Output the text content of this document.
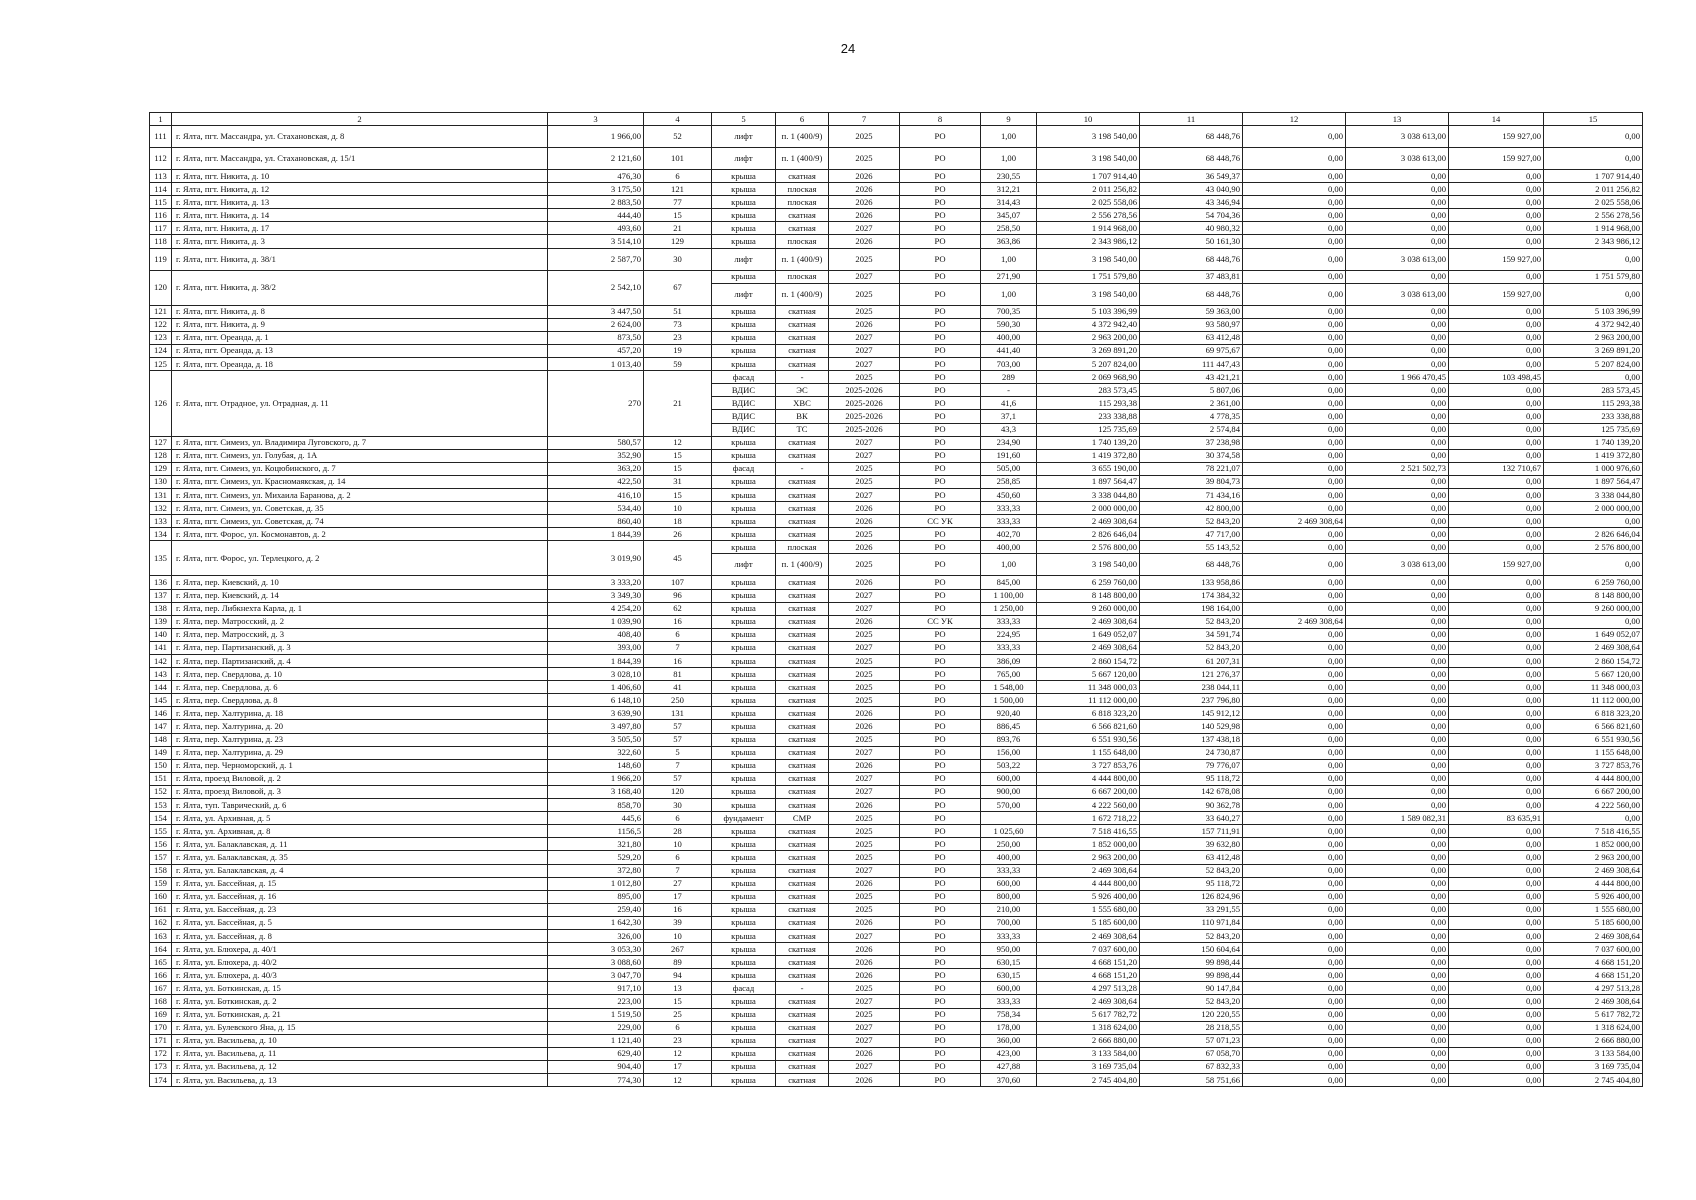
24
1	2	3	4	5	6	7	8	9	10	11	12	13	14	15
111	г. Ялта, пгт. Массандра, ул. Стахановская, д. 8	1 966,00	52	лифт	п. 1 (400/9)	2025	РО	1,00	3 198 540,00	68 448,76	0,00	3 038 613,00	159 927,00	0,00
112	г. Ялта, пгт. Массандра, ул. Стахановская, д. 15/1	2 121,60	101	лифт	п. 1 (400/9)	2025	РО	1,00	3 198 540,00	68 448,76	0,00	3 038 613,00	159 927,00	0,00
113	г. Ялта, пгт. Никита, д. 10	476,30	6	крыша	скатная	2026	РО	230,55	1 707 914,40	36 549,37	0,00	0,00	0,00	1 707 914,40
114	г. Ялта, пгт. Никита, д. 12	3 175,50	121	крыша	плоская	2026	РО	312,21	2 011 256,82	43 040,90	0,00	0,00	0,00	2 011 256,82
115	г. Ялта, пгт. Никита, д. 13	2 883,50	77	крыша	плоская	2026	РО	314,43	2 025 558,06	43 346,94	0,00	0,00	0,00	2 025 558,06
116	г. Ялта, пгт. Никита, д. 14	444,40	15	крыша	скатная	2026	РО	345,07	2 556 278,56	54 704,36	0,00	0,00	0,00	2 556 278,56
117	г. Ялта, пгт. Никита, д. 17	493,60	21	крыша	скатная	2027	РО	258,50	1 914 968,00	40 980,32	0,00	0,00	0,00	1 914 968,00
118	г. Ялта, пгт. Никита, д. 3	3 514,10	129	крыша	плоская	2026	РО	363,86	2 343 986,12	50 161,30	0,00	0,00	0,00	2 343 986,12
119	г. Ялта, пгт. Никита, д. 38/1	2 587,70	30	лифт	п. 1 (400/9)	2025	РО	1,00	3 198 540,00	68 448,76	0,00	3 038 613,00	159 927,00	0,00
120	г. Ялта, пгт. Никита, д. 38/2	2 542,10	67	крыша	плоская	2027	РО	271,90	1 751 579,80	37 483,81	0,00	0,00	0,00	1 751 579,80
				лифт	п. 1 (400/9)	2025	РО	1,00	3 198 540,00	68 448,76	0,00	3 038 613,00	159 927,00	0,00
121	г. Ялта, пгт. Никита, д. 8	3 447,50	51	крыша	скатная	2025	РО	700,35	5 103 396,99	59 363,00	0,00	0,00	0,00	5 103 396,99
122	г. Ялта, пгт. Никита, д. 9	2 624,00	73	крыша	скатная	2026	РО	590,30	4 372 942,40	93 580,97	0,00	0,00	0,00	4 372 942,40
123	г. Ялта, пгт. Ореанда, д. 1	873,50	23	крыша	скатная	2027	РО	400,00	2 963 200,00	63 412,48	0,00	0,00	0,00	2 963 200,00
124	г. Ялта, пгт. Ореанда, д. 13	457,20	19	крыша	скатная	2027	РО	441,40	3 269 891,20	69 975,67	0,00	0,00	0,00	3 269 891,20
125	г. Ялта, пгт. Ореанда, д. 18	1 013,40	59	крыша	скатная	2027	РО	703,00	5 207 824,00	111 447,43	0,00	0,00	0,00	5 207 824,00
126	г. Ялта, пгт. Отрадное, ул. Отрадная, д. 11	270	21	фасад	-	2025	РО	289	2 069 968,90	43 421,21	0,00	1 966 470,45	103 498,45	0,00
				ВДИС	ЭС	2025-2026	РО	-	283 573,45	5 807,06	0,00	0,00	0,00	283 573,45
				ВДИС	ХВС	2025-2026	РО	41,6	115 293,38	2 361,00	0,00	0,00	0,00	115 293,38
				ВДИС	ВК	2025-2026	РО	37,1	233 338,88	4 778,35	0,00	0,00	0,00	233 338,88
				ВДИС	ТС	2025-2026	РО	43,3	125 735,69	2 574,84	0,00	0,00	0,00	125 735,69
127	г. Ялта, пгт. Симеиз, ул. Владимира Луговского, д. 7	580,57	12	крыша	скатная	2027	РО	234,90	1 740 139,20	37 238,98	0,00	0,00	0,00	1 740 139,20
128	г. Ялта, пгт. Симеиз, ул. Голубая, д. 1А	352,90	15	крыша	скатная	2027	РО	191,60	1 419 372,80	30 374,58	0,00	0,00	0,00	1 419 372,80
129	г. Ялта, пгт. Симеиз, ул. Коцюбинского, д. 7	363,20	15	фасад	-	2025	РО	505,00	3 655 190,00	78 221,07	0,00	2 521 502,73	132 710,67	1 000 976,60
130	г. Ялта, пгт. Симеиз, ул. Красномаякская, д. 14	422,50	31	крыша	скатная	2025	РО	258,85	1 897 564,47	39 804,73	0,00	0,00	0,00	1 897 564,47
131	г. Ялта, пгт. Симеиз, ул. Михаила Баранова, д. 2	416,10	15	крыша	скатная	2027	РО	450,60	3 338 044,80	71 434,16	0,00	0,00	0,00	3 338 044,80
132	г. Ялта, пгт. Симеиз, ул. Советская, д. 35	534,40	10	крыша	скатная	2026	РО	333,33	2 000 000,00	42 800,00	0,00	0,00	0,00	2 000 000,00
133	г. Ялта, пгт. Симеиз, ул. Советская, д. 74	860,40	18	крыша	скатная	2026	СС УК	333,33	2 469 308,64	52 843,20	2 469 308,64	0,00	0,00	0,00
134	г. Ялта, пгт. Форос, ул. Космонавтов, д. 2	1 844,39	26	крыша	скатная	2025	РО	402,70	2 826 646,04	47 717,00	0,00	0,00	0,00	2 826 646,04
135	г. Ялта, пгт. Форос, ул. Терлецкого, д. 2	3 019,90	45	крыша	плоская	2026	РО	400,00	2 576 800,00	55 143,52	0,00	0,00	0,00	2 576 800,00
				лифт	п. 1 (400/9)	2025	РО	1,00	3 198 540,00	68 448,76	0,00	3 038 613,00	159 927,00	0,00
136	г. Ялта, пер. Киевский, д. 10	3 333,20	107	крыша	скатная	2026	РО	845,00	6 259 760,00	133 958,86	0,00	0,00	0,00	6 259 760,00
137	г. Ялта, пер. Киевский, д. 14	3 349,30	96	крыша	скатная	2027	РО	1 100,00	8 148 800,00	174 384,32	0,00	0,00	0,00	8 148 800,00
138	г. Ялта, пер. Либкнехта Карла, д. 1	4 254,20	62	крыша	скатная	2027	РО	1 250,00	9 260 000,00	198 164,00	0,00	0,00	0,00	9 260 000,00
139	г. Ялта, пер. Матросский, д. 2	1 039,90	16	крыша	скатная	2026	СС УК	333,33	2 469 308,64	52 843,20	2 469 308,64	0,00	0,00	0,00
140	г. Ялта, пер. Матросский, д. 3	408,40	6	крыша	скатная	2025	РО	224,95	1 649 052,07	34 591,74	0,00	0,00	0,00	1 649 052,07
141	г. Ялта, пер. Партизанский, д. 3	393,00	7	крыша	скатная	2027	РО	333,33	2 469 308,64	52 843,20	0,00	0,00	0,00	2 469 308,64
142	г. Ялта, пер. Партизанский, д. 4	1 844,39	16	крыша	скатная	2025	РО	386,09	2 860 154,72	61 207,31	0,00	0,00	0,00	2 860 154,72
143	г. Ялта, пер. Свердлова, д. 10	3 028,10	81	крыша	скатная	2025	РО	765,00	5 667 120,00	121 276,37	0,00	0,00	0,00	5 667 120,00
144	г. Ялта, пер. Свердлова, д. 6	1 406,60	41	крыша	скатная	2025	РО	1 548,00	11 348 000,03	238 044,11	0,00	0,00	0,00	11 348 000,03
145	г. Ялта, пер. Свердлова, д. 8	6 148,10	250	крыша	скатная	2025	РО	1 500,00	11 112 000,00	237 796,80	0,00	0,00	0,00	11 112 000,00
146	г. Ялта, пер. Халтурина, д. 18	3 639,90	131	крыша	скатная	2026	РО	920,40	6 818 323,20	145 912,12	0,00	0,00	0,00	6 818 323,20
147	г. Ялта, пер. Халтурина, д. 20	3 497,80	57	крыша	скатная	2026	РО	886,45	6 566 821,60	140 529,98	0,00	0,00	0,00	6 566 821,60
148	г. Ялта, пер. Халтурина, д. 23	3 505,50	57	крыша	скатная	2025	РО	893,76	6 551 930,56	137 438,18	0,00	0,00	0,00	6 551 930,56
149	г. Ялта, пер. Халтурина, д. 29	322,60	5	крыша	скатная	2027	РО	156,00	1 155 648,00	24 730,87	0,00	0,00	0,00	1 155 648,00
150	г. Ялта, пер. Черноморский, д. 1	148,60	7	крыша	скатная	2026	РО	503,22	3 727 853,76	79 776,07	0,00	0,00	0,00	3 727 853,76
151	г. Ялта, проезд Виловой, д. 2	1 966,20	57	крыша	скатная	2027	РО	600,00	4 444 800,00	95 118,72	0,00	0,00	0,00	4 444 800,00
152	г. Ялта, проезд Виловой, д. 3	3 168,40	120	крыша	скатная	2027	РО	900,00	6 667 200,00	142 678,08	0,00	0,00	0,00	6 667 200,00
153	г. Ялта, туп. Таврический, д. 6	858,70	30	крыша	скатная	2026	РО	570,00	4 222 560,00	90 362,78	0,00	0,00	0,00	4 222 560,00
154	г. Ялта, ул. Архивная, д. 5	445,6	6	фундамент	СМР	2025	РО		1 672 718,22	33 640,27	0,00	1 589 082,31	83 635,91	0,00
155	г. Ялта, ул. Архивная, д. 8	1156,5	28	крыша	скатная	2025	РО	1 025,60	7 518 416,55	157 711,91	0,00	0,00	0,00	7 518 416,55
156	г. Ялта, ул. Балаклавская, д. 11	321,80	10	крыша	скатная	2025	РО	250,00	1 852 000,00	39 632,80	0,00	0,00	0,00	1 852 000,00
157	г. Ялта, ул. Балаклавская, д. 35	529,20	6	крыша	скатная	2025	РО	400,00	2 963 200,00	63 412,48	0,00	0,00	0,00	2 963 200,00
158	г. Ялта, ул. Балаклавская, д. 4	372,80	7	крыша	скатная	2027	РО	333,33	2 469 308,64	52 843,20	0,00	0,00	0,00	2 469 308,64
159	г. Ялта, ул. Бассейная, д. 15	1 012,80	27	крыша	скатная	2026	РО	600,00	4 444 800,00	95 118,72	0,00	0,00	0,00	4 444 800,00
160	г. Ялта, ул. Бассейная, д. 16	895,00	17	крыша	скатная	2025	РО	800,00	5 926 400,00	126 824,96	0,00	0,00	0,00	5 926 400,00
161	г. Ялта, ул. Бассейная, д. 23	259,40	16	крыша	скатная	2025	РО	210,00	1 555 680,00	33 291,55	0,00	0,00	0,00	1 555 680,00
162	г. Ялта, ул. Бассейная, д. 5	1 642,30	39	крыша	скатная	2026	РО	700,00	5 185 600,00	110 971,84	0,00	0,00	0,00	5 185 600,00
163	г. Ялта, ул. Бассейная, д. 8	326,00	10	крыша	скатная	2027	РО	333,33	2 469 308,64	52 843,20	0,00	0,00	0,00	2 469 308,64
164	г. Ялта, ул. Блюхера, д. 40/1	3 053,30	267	крыша	скатная	2026	РО	950,00	7 037 600,00	150 604,64	0,00	0,00	0,00	7 037 600,00
165	г. Ялта, ул. Блюхера, д. 40/2	3 088,60	89	крыша	скатная	2026	РО	630,15	4 668 151,20	99 898,44	0,00	0,00	0,00	4 668 151,20
166	г. Ялта, ул. Блюхера, д. 40/3	3 047,70	94	крыша	скатная	2026	РО	630,15	4 668 151,20	99 898,44	0,00	0,00	0,00	4 668 151,20
167	г. Ялта, ул. Боткинская, д. 15	917,10	13	фасад	-	2025	РО	600,00	4 297 513,28	90 147,84	0,00	0,00	0,00	4 297 513,28
168	г. Ялта, ул. Боткинская, д. 2	223,00	15	крыша	скатная	2027	РО	333,33	2 469 308,64	52 843,20	0,00	0,00	0,00	2 469 308,64
169	г. Ялта, ул. Боткинская, д. 21	1 519,50	25	крыша	скатная	2025	РО	758,34	5 617 782,72	120 220,55	0,00	0,00	0,00	5 617 782,72
170	г. Ялта, ул. Булевского Яна, д. 15	229,00	6	крыша	скатная	2027	РО	178,00	1 318 624,00	28 218,55	0,00	0,00	0,00	1 318 624,00
171	г. Ялта, ул. Васильева, д. 10	1 121,40	23	крыша	скатная	2027	РО	360,00	2 666 880,00	57 071,23	0,00	0,00	0,00	2 666 880,00
172	г. Ялта, ул. Васильева, д. 11	629,40	12	крыша	скатная	2026	РО	423,00	3 133 584,00	67 058,70	0,00	0,00	0,00	3 133 584,00
173	г. Ялта, ул. Васильева, д. 12	904,40	17	крыша	скатная	2027	РО	427,88	3 169 735,04	67 832,33	0,00	0,00	0,00	3 169 735,04
174	г. Ялта, ул. Васильева, д. 13	774,30	12	крыша	скатная	2026	РО	370,60	2 745 404,80	58 751,66	0,00	0,00	0,00	2 745 404,80
